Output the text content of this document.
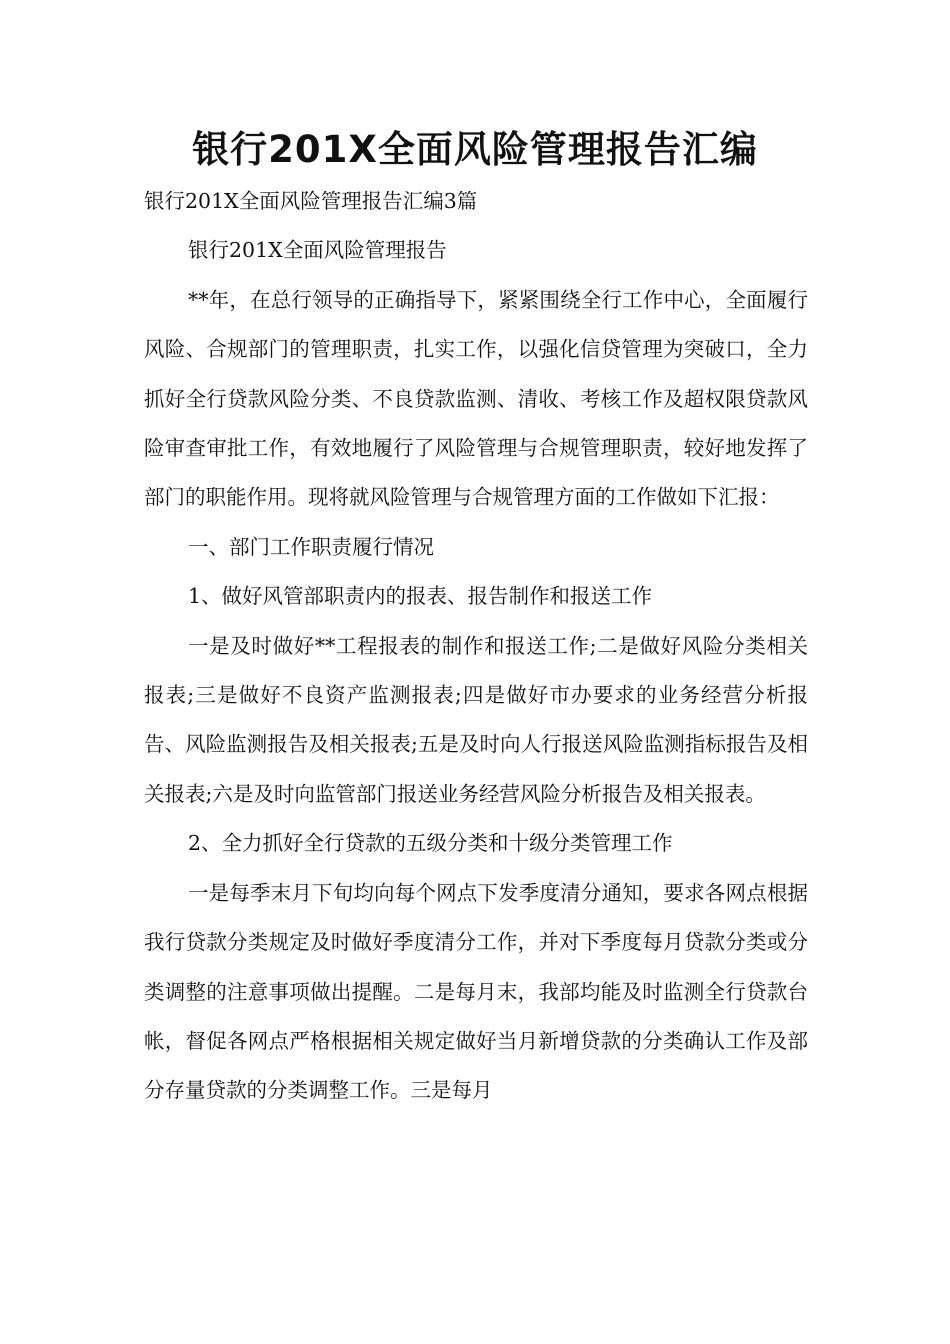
银行201X全面风险管理报告汇编

银行201X全面风险管理报告汇编3篇

银行201X全面风险管理报告

**年，在总行领导的正确指导下，紧紧围绕全行工作中心，全面履行风险、合规部门的管理职责，扎实工作，以强化信贷管理为突破口，全力抓好全行贷款风险分类、不良贷款监测、清收、考核工作及超权限贷款风险审查审批工作，有效地履行了风险管理与合规管理职责，较好地发挥了部门的职能作用。现将就风险管理与合规管理方面的工作做如下汇报：

一、部门工作职责履行情况

1、做好风管部职责内的报表、报告制作和报送工作

一是及时做好**工程报表的制作和报送工作;二是做好风险分类相关报表;三是做好不良资产监测报表;四是做好市办要求的业务经营分析报告、风险监测报告及相关报表;五是及时向人行报送风险监测指标报告及相关报表;六是及时向监管部门报送业务经营风险分析报告及相关报表。

2、全力抓好全行贷款的五级分类和十级分类管理工作

一是每季末月下旬均向每个网点下发季度清分通知，要求各网点根据我行贷款分类规定及时做好季度清分工作，并对下季度每月贷款分类或分类调整的注意事项做出提醒。二是每月末，我部均能及时监测全行贷款台帐，督促各网点严格根据相关规定做好当月新增贷款的分类确认工作及部分存量贷款的分类调整工作。三是每月
